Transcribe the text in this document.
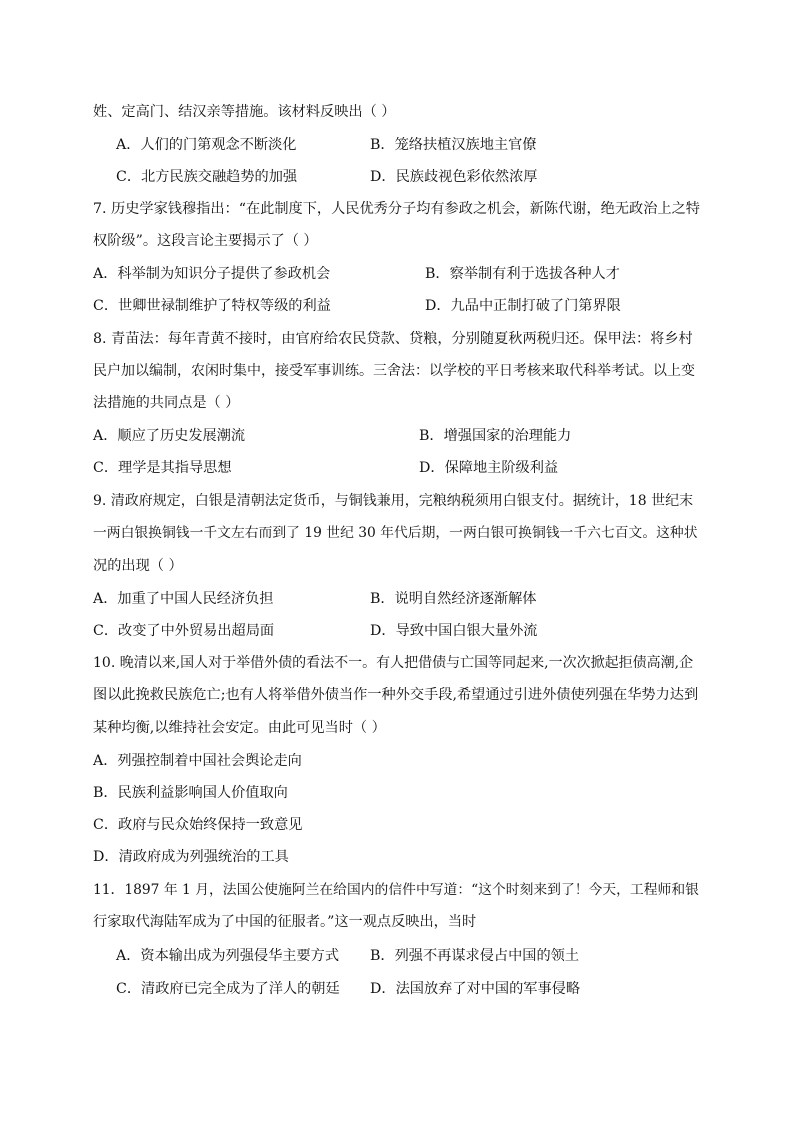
姓、定高门、结汉亲等措施。该材料反映出（ ）
A．人们的门第观念不断淡化	B．笼络扶植汉族地主官僚
C．北方民族交融趋势的加强	D．民族歧视色彩依然浓厚
7. 历史学家钱穆指出：“在此制度下，人民优秀分子均有参政之机会，新陈代谢，绝无政治上之特
权阶级”。这段言论主要揭示了（ ）
A．科举制为知识分子提供了参政机会	B．察举制有利于选拔各种人才
C．世卿世禄制维护了特权等级的利益	D．九品中正制打破了门第界限
8. 青苗法：每年青黄不接时，由官府给农民贷款、贷粮，分别随夏秋两税归还。保甲法：将乡村
民户加以编制，农闲时集中，接受军事训练。三舍法：以学校的平日考核来取代科举考试。以上变
法措施的共同点是（ ）
A．顺应了历史发展潮流	B．增强国家的治理能力
C．理学是其指导思想	D．保障地主阶级利益
9. 清政府规定，白银是清朝法定货币，与铜钱兼用，完粮纳税须用白银支付。据统计，18 世纪末
一两白银换铜钱一千文左右而到了 19 世纪 30 年代后期，一两白银可换铜钱一千六七百文。这种状
况的出现（ ）
A．加重了中国人民经济负担	B．说明自然经济逐渐解体
C．改变了中外贸易出超局面	D．导致中国白银大量外流
10. 晚清以来,国人对于举借外债的看法不一。有人把借债与亡国等同起来,一次次掀起拒债高潮,企
图以此挽救民族危亡;也有人将举借外债当作一种外交手段,希望通过引进外债使列强在华势力达到
某种均衡,以维持社会安定。由此可见当时（ ）
A．列强控制着中国社会舆论走向
B．民族利益影响国人价值取向
C．政府与民众始终保持一致意见
D．清政府成为列强统治的工具
11．1897 年 1 月，法国公使施阿兰在给国内的信件中写道：“这个时刻来到了！今天，工程师和银
行家取代海陆军成为了中国的征服者。”这一观点反映出，当时
A．资本输出成为列强侵华主要方式 B．列强不再谋求侵占中国的领土
C．清政府已完全成为了洋人的朝廷 D．法国放弃了对中国的军事侵略
